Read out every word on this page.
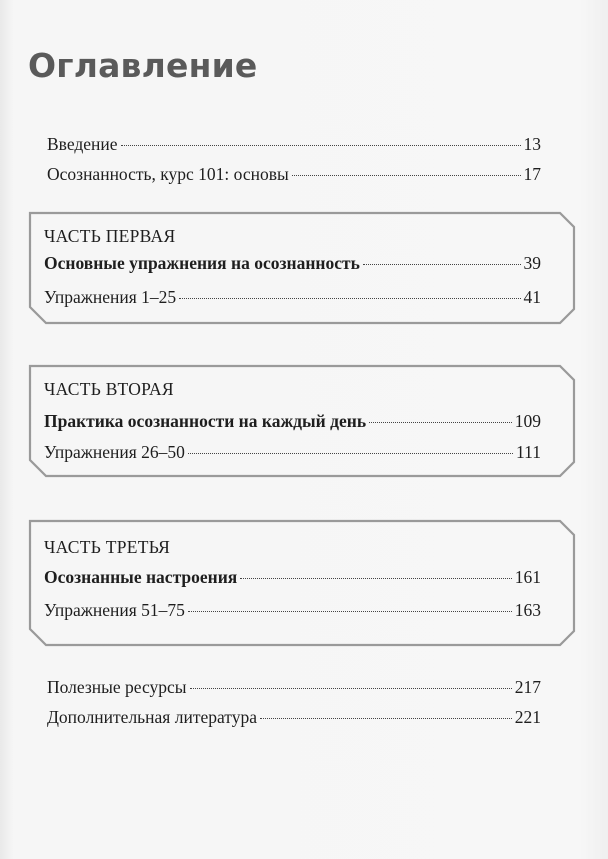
Оглавление
Введение	13
Осознанность, курс 101: основы	17
ЧАСТЬ ПЕРВАЯ
Основные упражнения на осознанность	39
Упражнения 1–25	41
ЧАСТЬ ВТОРАЯ
Практика осознанности на каждый день	109
Упражнения 26–50	111
ЧАСТЬ ТРЕТЬЯ
Осознанные настроения	161
Упражнения 51–75	163
Полезные ресурсы	217
Дополнительная литература	221
